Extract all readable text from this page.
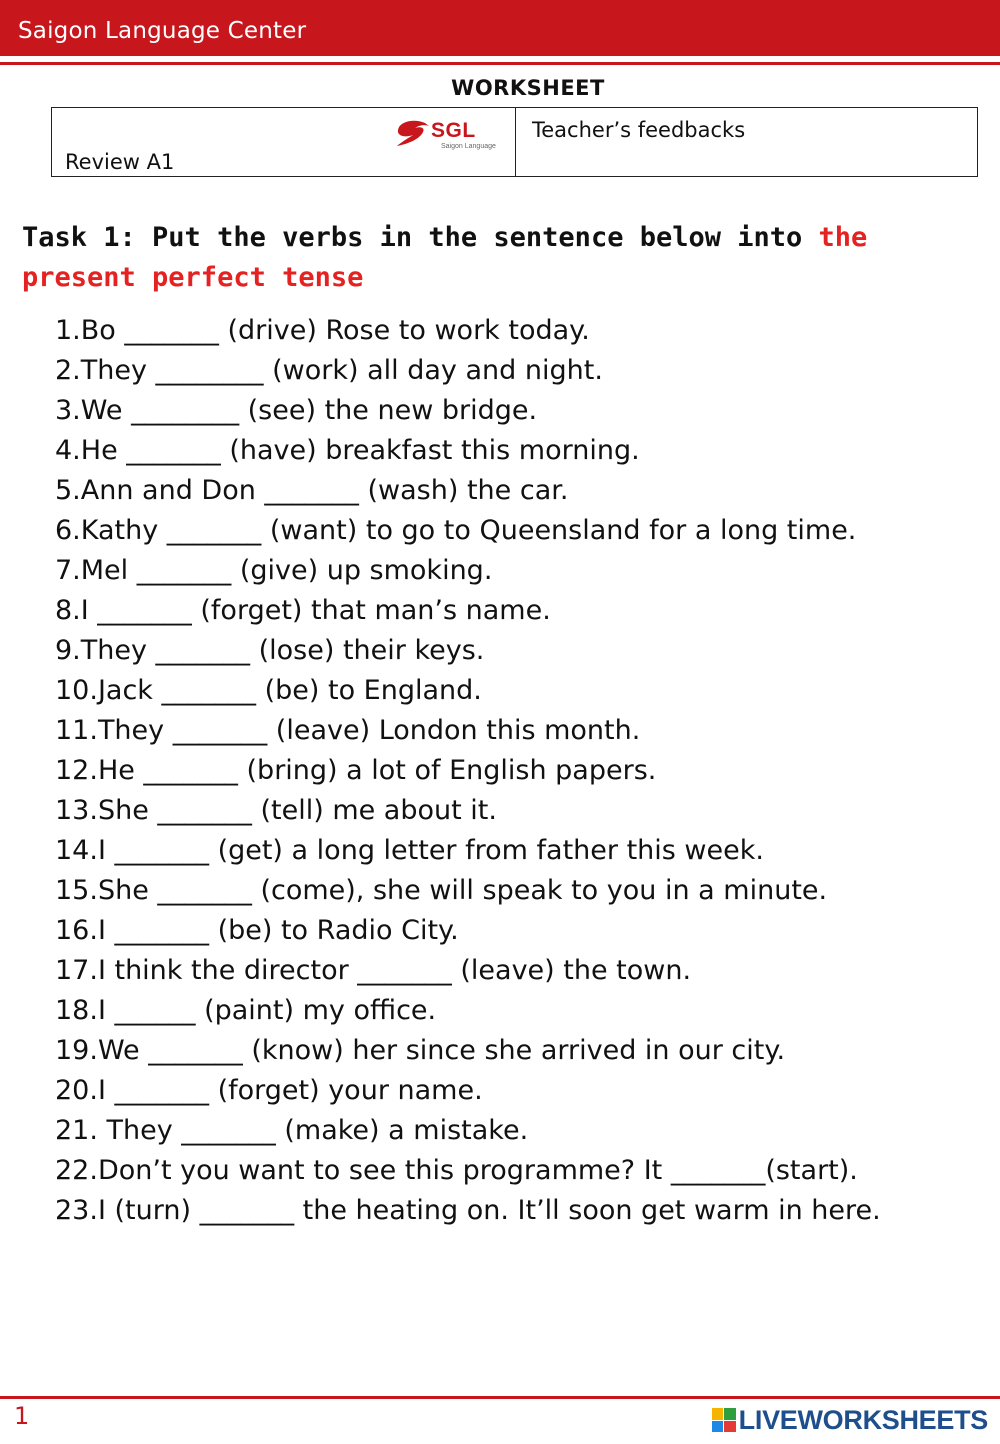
Saigon Language Center
WORKSHEET
SGL
Saigon Language
Review A1
Teacher’s feedbacks
Task 1: Put the verbs in the sentence below into the present perfect tense
1.Bo _______ (drive) Rose to work today.
2.They ________ (work) all day and night.
3.We ________ (see) the new bridge.
4.He _______ (have) breakfast this morning.
5.Ann and Don _______ (wash) the car.
6.Kathy _______ (want) to go to Queensland for a long time.
7.Mel _______ (give) up smoking.
8.I _______ (forget) that man’s name.
9.They _______ (lose) their keys.
10.Jack _______ (be) to England.
11.They _______ (leave) London this month.
12.He _______ (bring) a lot of English papers.
13.She _______ (tell) me about it.
14.I _______ (get) a long letter from father this week.
15.She _______ (come), she will speak to you in a minute.
16.I _______ (be) to Radio City.
17.I think the director _______ (leave) the town.
18.I ______ (paint) my office.
19.We _______ (know) her since she arrived in our city.
20.I _______ (forget) your name.
21. They _______ (make) a mistake.
22.Don’t you want to see this programme? It _______(start).
23.I (turn) _______ the heating on. It’ll soon get warm in here.
1	LIVEWORKSHEETS
